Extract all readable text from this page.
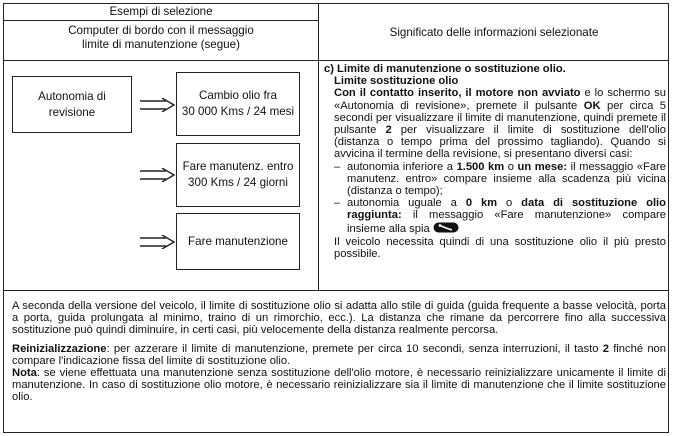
Esempi di selezione
Computer di bordo con il messaggio
limite di manutenzione (segue)
Significato delle informazioni selezionate
Autonomia di
revisione
Cambio olio fra
30 000 Kms / 24 mesi
Fare manutenz. entro
300 Kms / 24 giorni
Fare manutenzione

c) Limite di manutenzione o sostituzione olio.

Limite sostituzione olio

Con il contatto inserito, il motore non avviato e lo schermo su «Autonomia di revisione», premete il pulsante OK per circa 5 secondi per visualizzare il limite di manutenzione, quindi premete il pulsante 2 per visualizzare il limite di sostituzione dell'olio (distanza o tempo prima del prossimo tagliando). Quando si avvicina il termine della revisione, si presentano diversi casi:

– autonomia inferiore a 1.500 km o un mese: il messaggio «Fare manutenz. entro» compare insieme alla scadenza più vicina (distanza o tempo);
– autonomia uguale a 0 km o data di sostituzione olio raggiunta: il messaggio «Fare manutenzione» compare insieme alla spia

Il veicolo necessita quindi di una sostituzione olio il più presto possibile.

A seconda della versione del veicolo, il limite di sostituzione olio si adatta allo stile di guida (guida frequente a basse velocità, porta a porta, guida prolungata al minimo, traino di un rimorchio, ecc.). La distanza che rimane da percorrere fino alla successiva sostituzione può quindi diminuire, in certi casi, più velocemente della distanza realmente percorsa.

Reinizializzazione: per azzerare il limite di manutenzione, premete per circa 10 secondi, senza interruzioni, il tasto 2 finché non compare l'indicazione fissa del limite di sostituzione olio.

Nota: se viene effettuata una manutenzione senza sostituzione dell'olio motore, è necessario reinizializzare unicamente il limite di manutenzione. In caso di sostituzione olio motore, è necessario reinizializzare sia il limite di manutenzione che il limite sostituzione olio.
